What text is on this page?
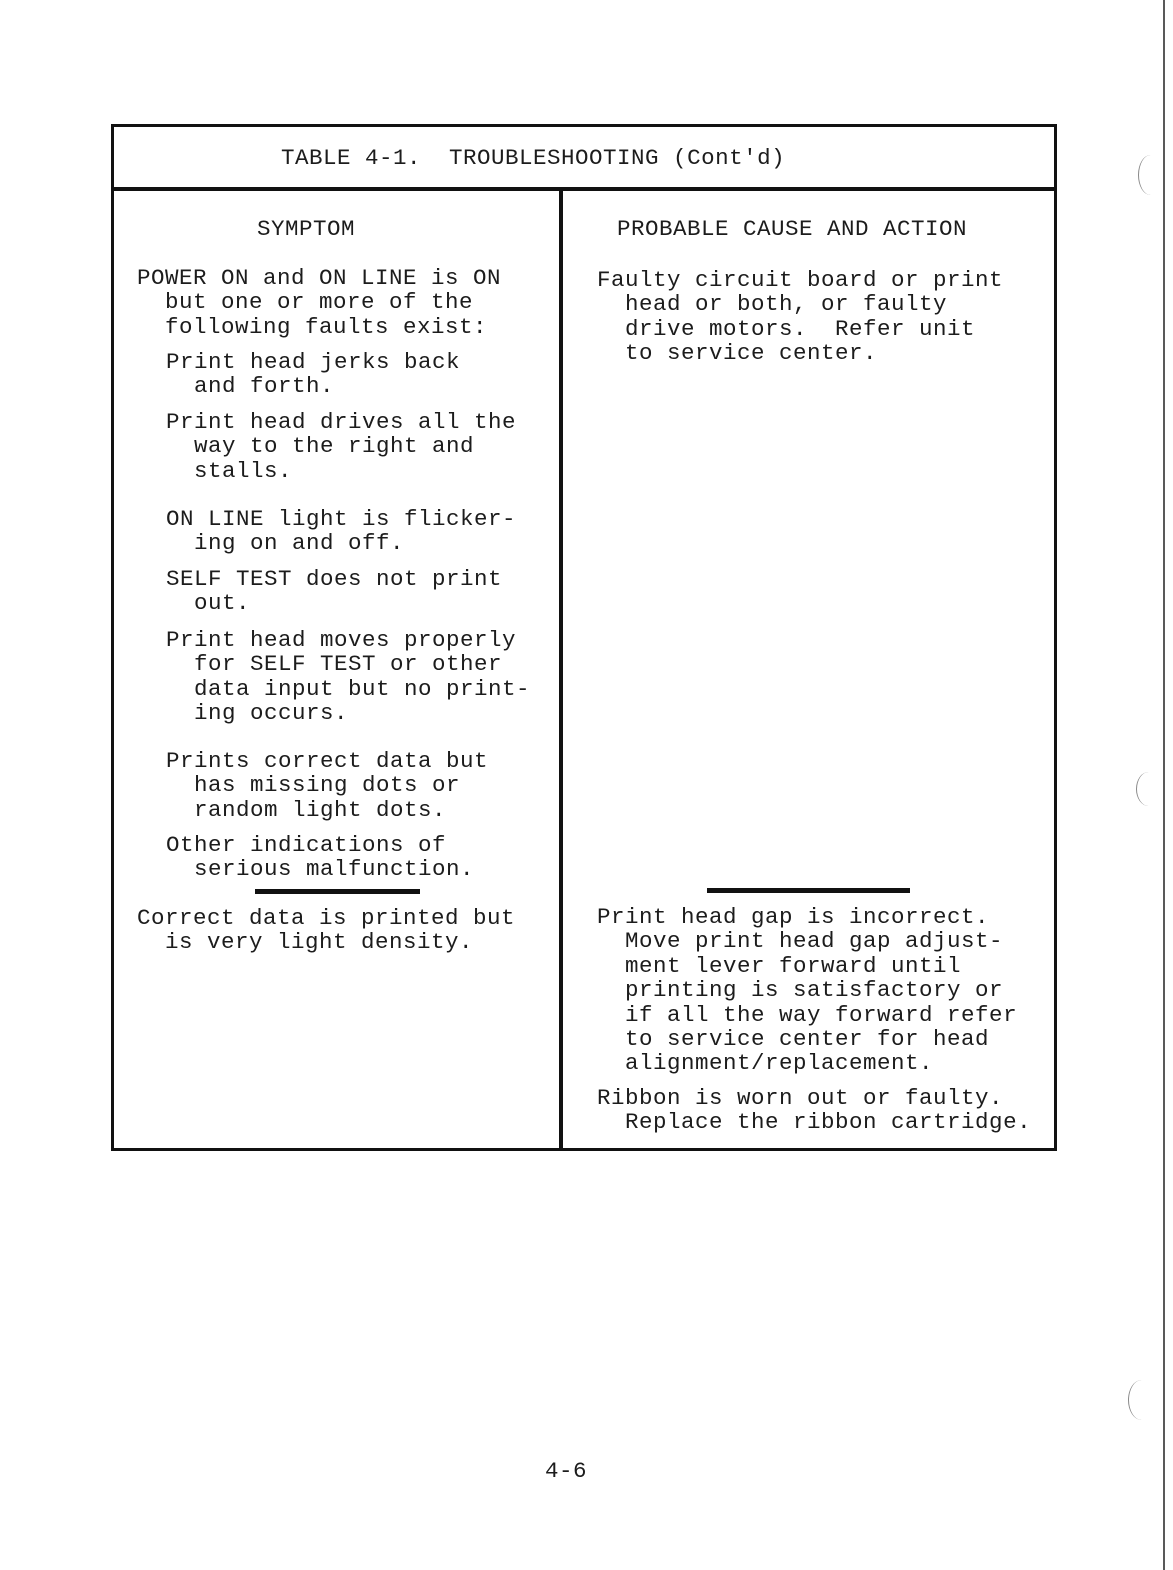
TABLE 4-1.  TROUBLESHOOTING (Cont'd)
SYMPTOM	PROBABLE CAUSE AND ACTION
POWER ON and ON LINE is ON
but one or more of the
following faults exist:
Print head jerks back
and forth.
Print head drives all the
way to the right and
stalls.
ON LINE light is flicker-
ing on and off.
SELF TEST does not print
out.
Print head moves properly
for SELF TEST or other
data input but no print-
ing occurs.
Prints correct data but
has missing dots or
random light dots.
Other indications of
serious malfunction.
Faulty circuit board or print
head or both, or faulty
drive motors.  Refer unit
to service center.
Correct data is printed but
is very light density.
Print head gap is incorrect.
Move print head gap adjust-
ment lever forward until
printing is satisfactory or
if all the way forward refer
to service center for head
alignment/replacement.
Ribbon is worn out or faulty.
Replace the ribbon cartridge.
4-6
